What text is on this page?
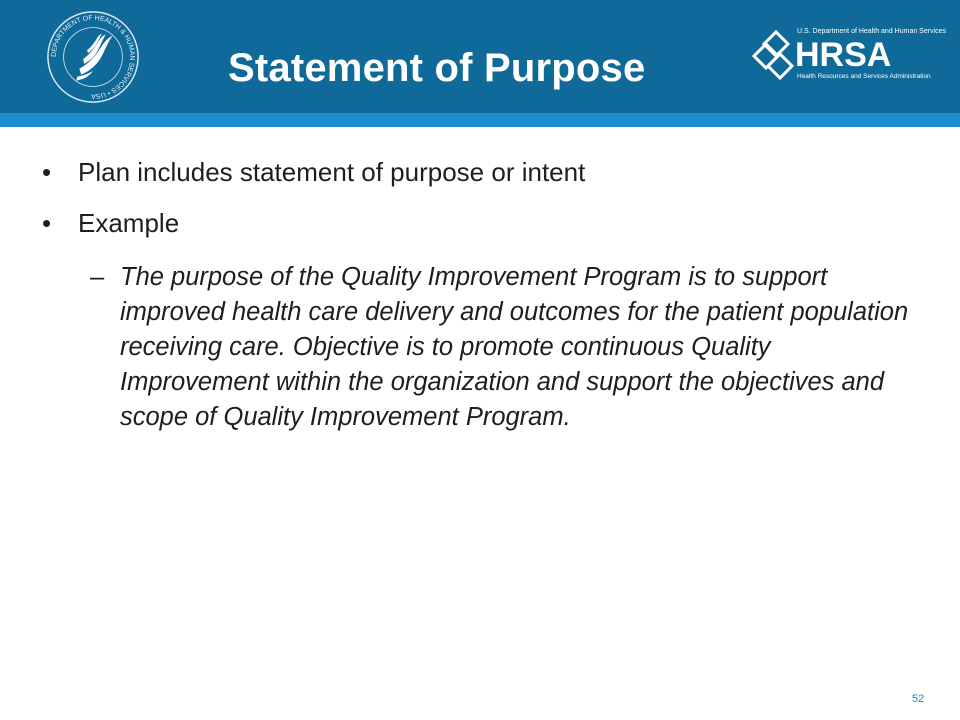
DEPARTMENT OF HEALTH & HUMAN SERVICES • USA
Statement of Purpose
U.S. Department of Health and Human Services
HRSA
Health Resources and Services Administration
• Plan includes statement of purpose or intent
• Example
– The purpose of the Quality Improvement Program is to support improved health care delivery and outcomes for the patient population receiving care. Objective is to promote continuous Quality Improvement within the organization and support the objectives and scope of Quality Improvement Program.
52
